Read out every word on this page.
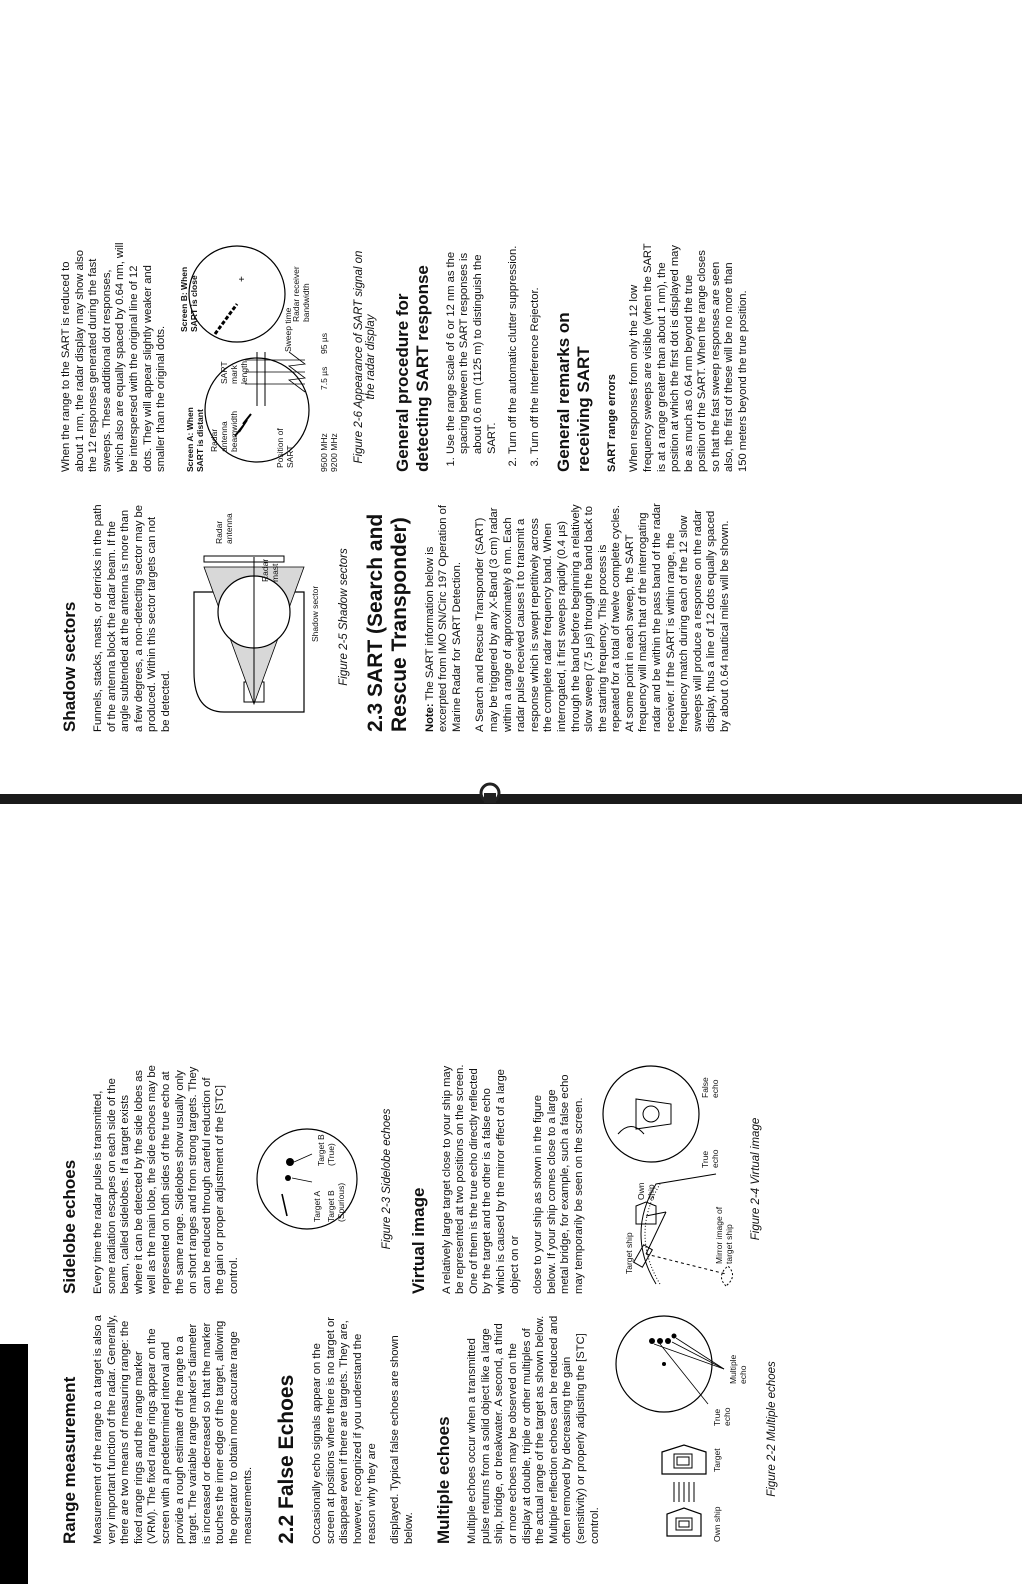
Range measurement Measurement of the range to a target is also a very important function of the radar. Generally, there are two means of measuring range: the fixed range rings and the range marker (VRM). The fixed range rings appear on the screen with a predetermined interval and provide a rough estimate of the range to a target. The variable range marker's diameter is increased or decreased so that the marker touches the inner edge of the target, allowing the operator to obtain more accurate range measurements. 2.2 False Echoes Occasionally echo signals appear on the screen at positions where there is no target or disappear even if there are targets. They are, however, recognized if you understand the reason why they are displayed. Typical false echoes are shown below. Multiple echoes Multiple echoes occur when a transmitted pulse returns from a solid object like a large ship, bridge, or breakwater. A second, a third or more echoes may be observed on the display at double, triple or other multiples of the actual range of the target as shown below. Multiple reflection echoes can be reduced and often removed by decreasing the gain (sensitivity) or properly adjusting the [STC] control.	Own ship
Target
True echo
Multiple echo Figure 2-2 Multiple echoes
Sidelobe echoes Every time the radar pulse is transmitted, some radiation escapes on each side of the beam, called sidelobes. If a target exists where it can be detected by the side lobes as well as the main lobe, the side echoes may be represented on both sides of the true echo at the same range. Sidelobes show usually only on short ranges and from strong targets. They can be reduced through careful reduction of the gain or proper adjustment of the [STC] control.

Target A Target B (Spurious)
Target B (True)	Figure 2-3 Sidelobe echoes Virtual image A relatively large target close to your ship may be represented at two positions on the screen. One of them is the true echo directly reflected by the target and the other is a false echo which is caused by the mirror effect of a large object on or close to your ship as shown in the figure below. If your ship comes close to a large metal bridge, for example, such a false echo may temporarily be seen on the screen.	Target ship
Own ship
Mirror image of target ship
True echo
False echo
Figure 2-4 Virtual image
Shadow sectors Funnels, stacks, masts, or derricks in the path of the antenna block the radar beam. If the angle subtended at the antenna is more than a few degrees, a non-detecting sector may be produced. Within this sector targets can not be detected.

Radar antenna
Radar mast
Shadow sector Figure 2-5 Shadow sectors 2.3 SART (Search and Rescue Transponder) Note: The SART information below is excerpted from IMO SN/Circ 197 Operation of Marine Radar for SART Detection. A Search and Rescue Transponder (SART) may be triggered by any X-Band (3 cm) radar within a range of approximately 8 nm. Each radar pulse received causes it to transmit a response which is swept repetitively across the complete radar frequency band. When interrogated, it first sweeps rapidly (0.4 µs) through the band before beginning a relatively slow sweep (7.5 µs) through the band back to the starting frequency. This process is repeated for a total of twelve complete cycles. At some point in each sweep, the SART frequency will match that of the interrogating radar and be within the pass band of the radar receiver. If the SART is within range, the frequency match during each of the 12 slow sweeps will produce a response on the radar display, thus a line of 12 dots equally spaced by about 0.64 nautical miles will be shown.

When the range to the SART is reduced to about 1 nm, the radar display may show also the 12 responses generated during the fast sweeps. These additional dot responses, which also are equally spaced by 0.64 nm, will be interspersed with the original line of 12 dots. They will appear slightly weaker and smaller than the original dots.

+
Screen A: When SART is distant
Screen B: When SART is close
Radar antenna beamwidth	Position of SART
SART mark length
9500 MHz 9200 MHz
Sweep time
7.5 µs
95 µs
Radar receiver bandwidth	Figure 2-6 Appearance of SART signal on the radar display General procedure for detecting SART response 1. Use the range scale of 6 or 12 nm as the spacing between the SART responses is about 0.6 nm (1125 m) to distinguish the SART. 2. Turn off the automatic clutter suppression. 3. Turn off the Interference Rejector. General remarks on receiving SART SART range errors When responses from only the 12 low frequency sweeps are visible (when the SART is at a range greater than about 1 nm), the position at which the first dot is displayed may be as much as 0.64 nm beyond the true position of the SART. When the range closes so that the fast sweep responses are seen also, the first of these will be no more than 150 meters beyond the true position.
